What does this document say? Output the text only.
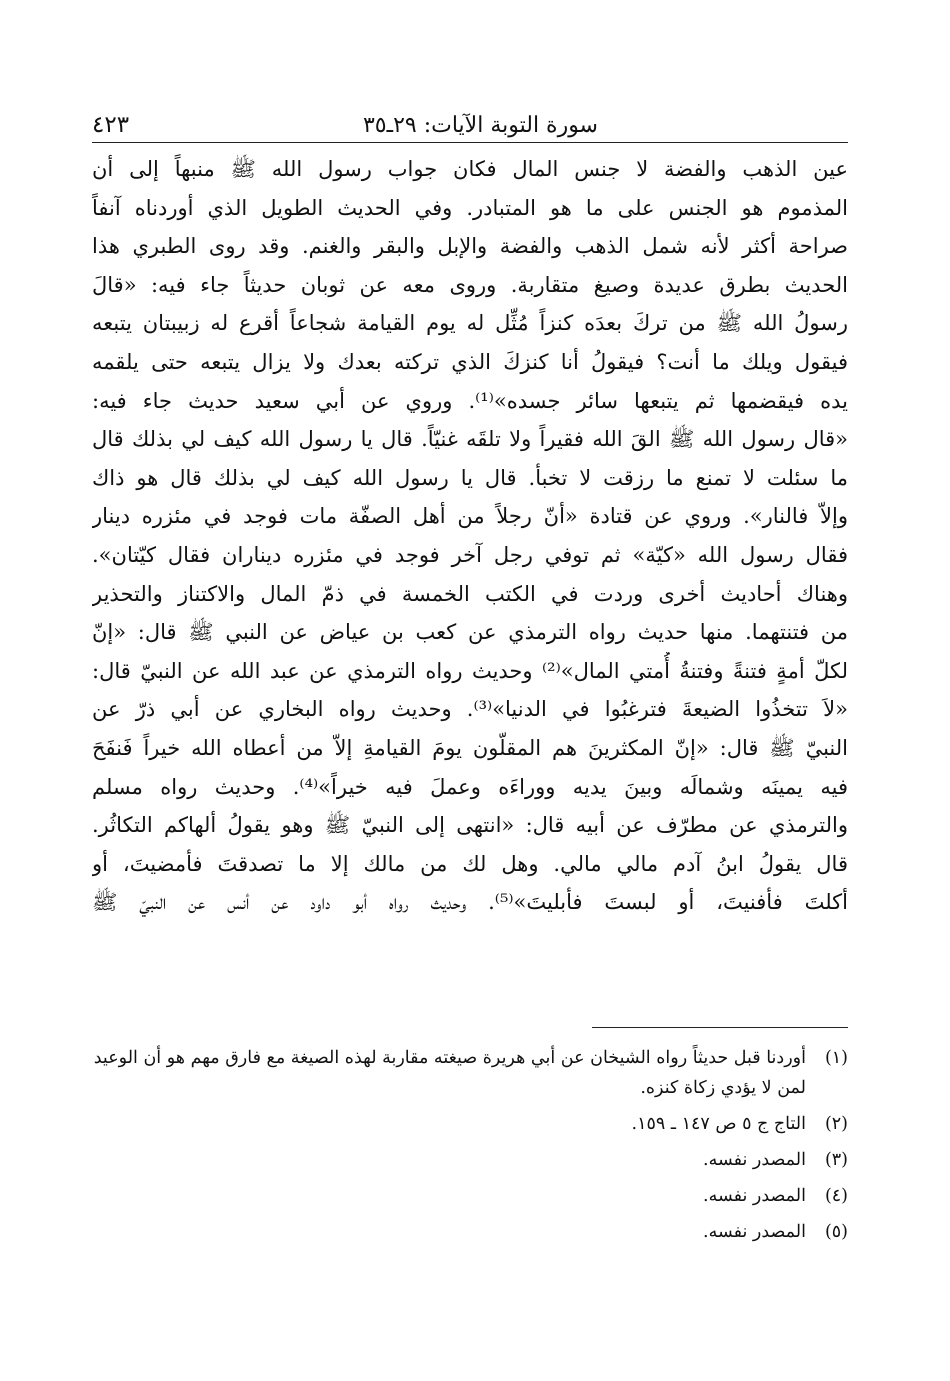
سورة التوبة الآيات: ٢٩ـ٣٥
٤٢٣
عين الذهب والفضة لا جنس المال فكان جواب رسول الله ﷺ منبهاً إلى أن
المذموم هو الجنس على ما هو المتبادر. وفي الحديث الطويل الذي أوردناه آنفاً
صراحة أكثر لأنه شمل الذهب والفضة والإبل والبقر والغنم. وقد روى الطبري هذا
الحديث بطرق عديدة وصيغ متقاربة. وروى معه عن ثوبان حديثاً جاء فيه: «قالَ
رسولُ الله ﷺ من تركَ بعدَه كنزاً مُثِّل له يوم القيامة شجاعاً أقرع له زبيبتان يتبعه
فيقول ويلك ما أنت؟ فيقولُ أنا كنزكَ الذي تركته بعدك ولا يزال يتبعه حتى يلقمه
يده فيقضمها ثم يتبعها سائر جسده»⁽¹⁾. وروي عن أبي سعيد حديث جاء فيه:
«قال رسول الله ﷺ القَ الله فقيراً ولا تلقَه غنيّاً. قال يا رسول الله كيف لي بذلك قال
ما سئلت لا تمنع ما رزقت لا تخبأ. قال يا رسول الله كيف لي بذلك قال هو ذاك
وإلاّ فالنار». وروي عن قتادة «أنّ رجلاً من أهل الصفّة مات فوجد في مئزره دينار
فقال رسول الله «كيّة» ثم توفي رجل آخر فوجد في مئزره ديناران فقال كيّتان».
وهناك أحاديث أخرى وردت في الكتب الخمسة في ذمّ المال والاكتناز والتحذير
من فتنتهما. منها حديث رواه الترمذي عن كعب بن عياض عن النبي ﷺ قال: «إنّ
لكلّ أمةٍ فتنةً وفتنةُ أُمتي المال»⁽²⁾ وحديث رواه الترمذي عن عبد الله عن النبيّ قال:
«لاَ تتخذُوا الضيعةَ فترغبُوا في الدنيا»⁽³⁾. وحديث رواه البخاري عن أبي ذرّ عن
النبيّ ﷺ قال: «إنّ المكثرينَ هم المقلّون يومَ القيامةِ إلاّ من أعطاه الله خيراً فَنفَحَ
فيه يمينَه وشمالَه وبينَ يديه ووراءَه وعملَ فيه خيراً»⁽⁴⁾. وحديث رواه مسلم
والترمذي عن مطرّف عن أبيه قال: «انتهى إلى النبيّ ﷺ وهو يقولُ ألهاكم التكاثُر.
قال يقولُ ابنُ آدم مالي مالي. وهل لك من مالك إلا ما تصدقتَ فأمضيتَ، أو
أكلتَ فأفنيتَ، أو لبستَ فأبليتَ»⁽⁵⁾. وحديث رواه أبو داود عن أنس عن النبيّ ﷺ
(١)
أوردنا قبل حديثاً رواه الشيخان عن أبي هريرة صيغته مقاربة لهذه الصيغة مع فارق مهم هو أن الوعيد لمن لا يؤدي زكاة كنزه.
(٢)
التاج ج ٥ ص ١٤٧ ـ ١٥٩.
(٣)
المصدر نفسه.
(٤)
المصدر نفسه.
(٥)
المصدر نفسه.
